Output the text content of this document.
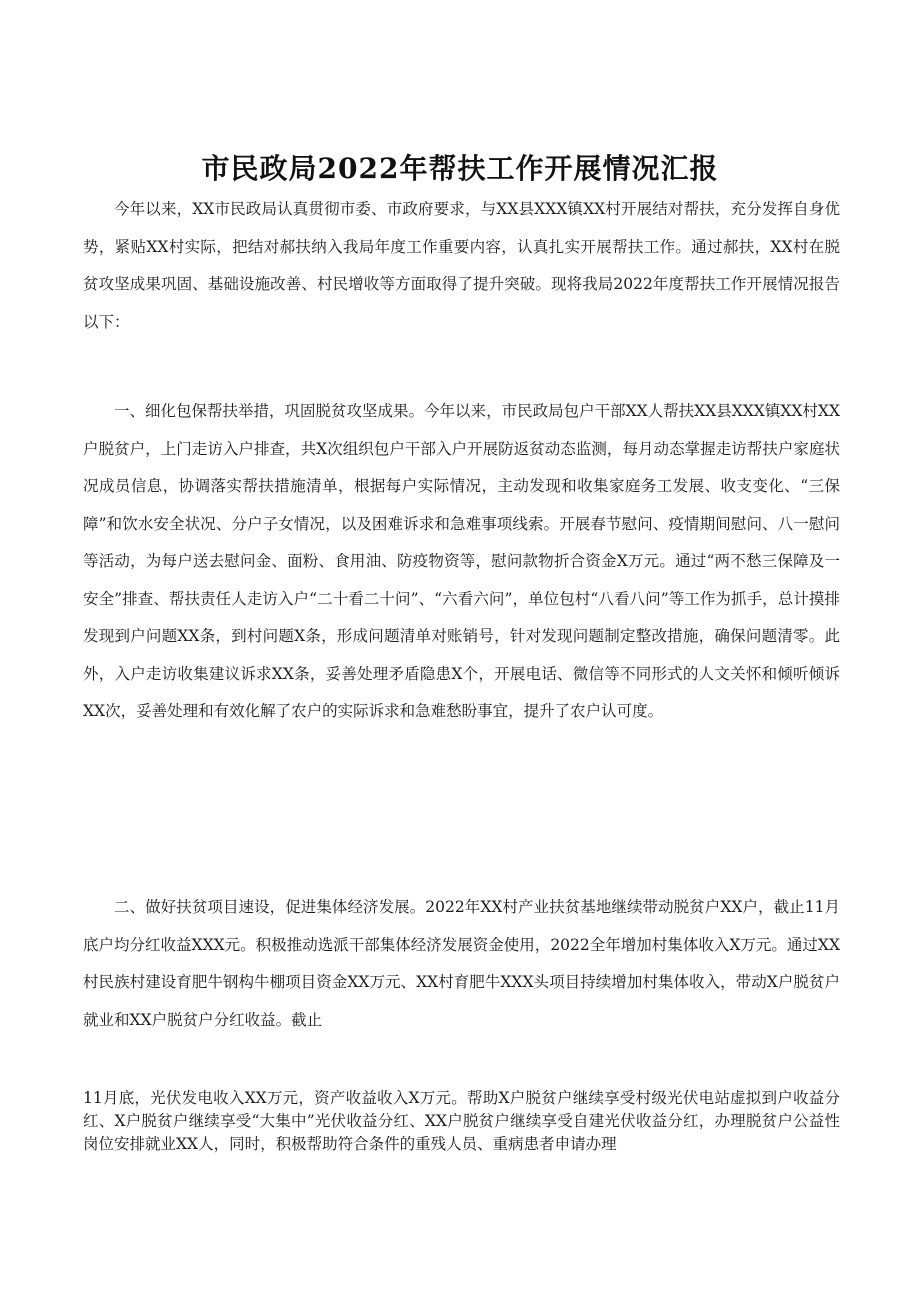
市民政局2022年帮扶工作开展情况汇报

今年以来，XX市民政局认真贯彻市委、市政府要求，与XX县XXX镇XX村开展结对帮扶，充分发挥自身优势，紧贴XX村实际，把结对郝扶纳入我局年度工作重要内容，认真扎实开展帮扶工作。通过郝扶，XX村在脱贫攻坚成果巩固、基础设施改善、村民增收等方面取得了提升突破。现将我局2022年度帮扶工作开展情况报告以下：

一、细化包保帮扶举措，巩固脱贫攻坚成果。今年以来，市民政局包户干部XX人帮扶XX县XXX镇XX村XX户脱贫户，上门走访入户排查，共X次组织包户干部入户开展防返贫动态监测，每月动态掌握走访帮扶户家庭状况成员信息，协调落实帮扶措施清单，根据每户实际情况，主动发现和收集家庭务工发展、收支变化、“三保障”和饮水安全状况、分户子女情况，以及困难诉求和急难事项线索。开展春节慰问、疫情期间慰问、八一慰问等活动，为每户送去慰问金、面粉、食用油、防疫物资等，慰问款物折合资金X万元。通过“两不愁三保障及一安全”排查、帮扶责任人走访入户“二十看二十问”、“六看六问”，单位包村“八看八问”等工作为抓手，总计摸排发现到户问题XX条，到村问题X条，形成问题清单对账销号，针对发现问题制定整改措施，确保问题清零。此外，入户走访收集建议诉求XX条，妥善处理矛盾隐患X个，开展电话、微信等不同形式的人文关怀和倾听倾诉XX次，妥善处理和有效化解了农户的实际诉求和急难愁盼事宜，提升了农户认可度。

二、做好扶贫项目速设，促进集体经济发展。2022年XX村产业扶贫基地继续带动脱贫户XX户，截止11月底户均分红收益XXX元。积极推动选派干部集体经济发展资金使用，2022全年增加村集体收入X万元。通过XX村民族村建设育肥牛钢构牛棚项目资金XX万元、XX村育肥牛XXX头项目持续增加村集体收入，带动X户脱贫户就业和XX户脱贫户分红收益。截止

11月底，光伏发电收入XX万元，资产收益收入X万元。帮助X户脱贫户继续享受村级光伏电站虚拟到户收益分红、X户脱贫户继续享受“大集中”光伏收益分红、XX户脱贫户继续享受自建光伏收益分红，办理脱贫户公益性岗位安排就业XX人，同时，积极帮助符合条件的重残人员、重病患者申请办理
